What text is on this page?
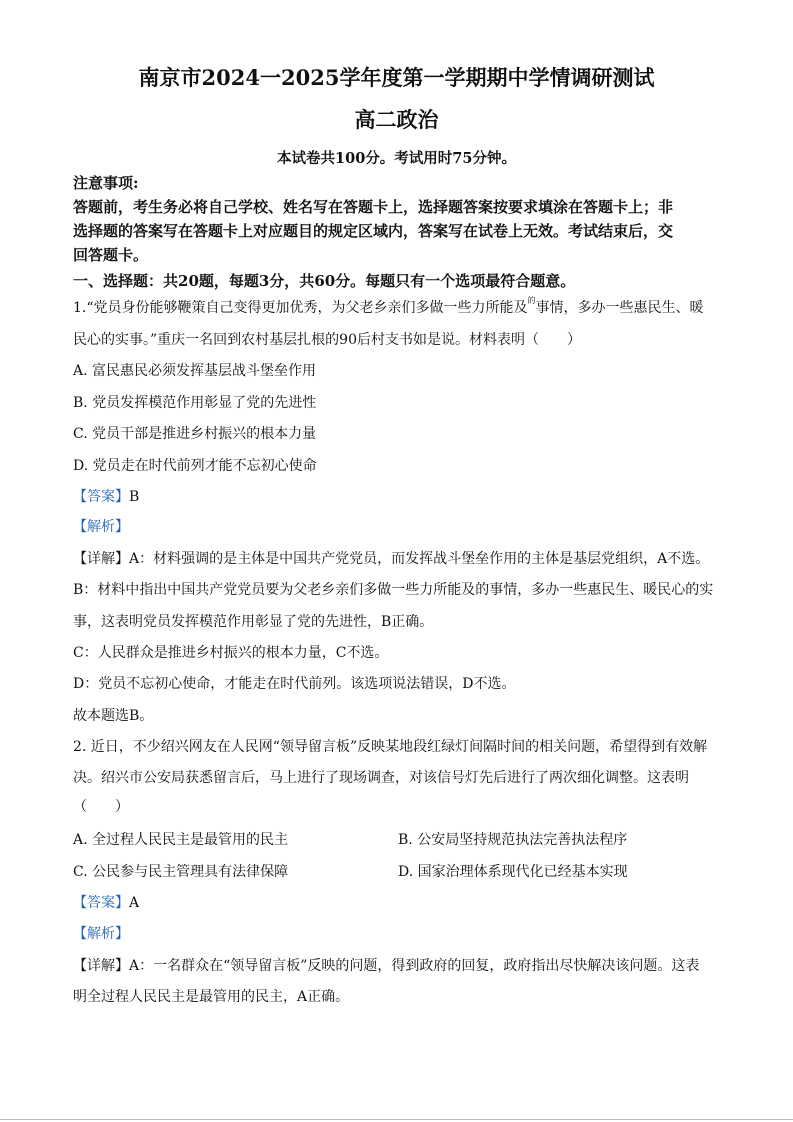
南京市2024一2025学年度第一学期期中学情调研测试
高二政治
本试卷共100分。考试用时75分钟。
注意事项:
答题前，考生务必将自己学校、姓名写在答题卡上，选择题答案按要求填涂在答题卡上；非
选择题的答案写在答题卡上对应题目的规定区域内，答案写在试卷上无效。考试结束后，交
回答题卡。
一、选择题：共20题，每题3分，共60分。每题只有一个选项最符合题意。
1.“党员身份能够鞭策自己变得更加优秀，为父老乡亲们多做一些力所能及$^的$事情，多办一些惠民生、暖
民心的实事。”重庆一名回到农村基层扎根的90后村支书如是说。材料表明（　　）
A. 富民惠民必须发挥基层战斗堡垒作用
B. 党员发挥模范作用彰显了党的先进性
C. 党员干部是推进乡村振兴的根本力量
D. 党员走在时代前列才能不忘初心使命
【答案】B
【解析】
【详解】A：材料强调的是主体是中国共产党党员，而发挥战斗堡垒作用的主体是基层党组织，A不选。
B：材料中指出中国共产党党员要为父老乡亲们多做一些力所能及的事情，多办一些惠民生、暖民心的实
事，这表明党员发挥模范作用彰显了党的先进性，B正确。
C：人民群众是推进乡村振兴的根本力量，C不选。
D：党员不忘初心使命，才能走在时代前列。该选项说法错误，D不选。
故本题选B。
2. 近日，不少绍兴网友在人民网“领导留言板”反映某地段红绿灯间隔时间的相关问题，希望得到有效解
决。绍兴市公安局获悉留言后，马上进行了现场调查，对该信号灯先后进行了两次细化调整。这表明
（　　）
A. 全过程人民民主是最管用的民主	B. 公安局坚持规范执法完善执法程序
C. 公民参与民主管理具有法律保障	D. 国家治理体系现代化已经基本实现
【答案】A
【解析】
【详解】A：一名群众在“领导留言板”反映的问题，得到政府的回复，政府指出尽快解决该问题。这表
明全过程人民民主是最管用的民主，A正确。
